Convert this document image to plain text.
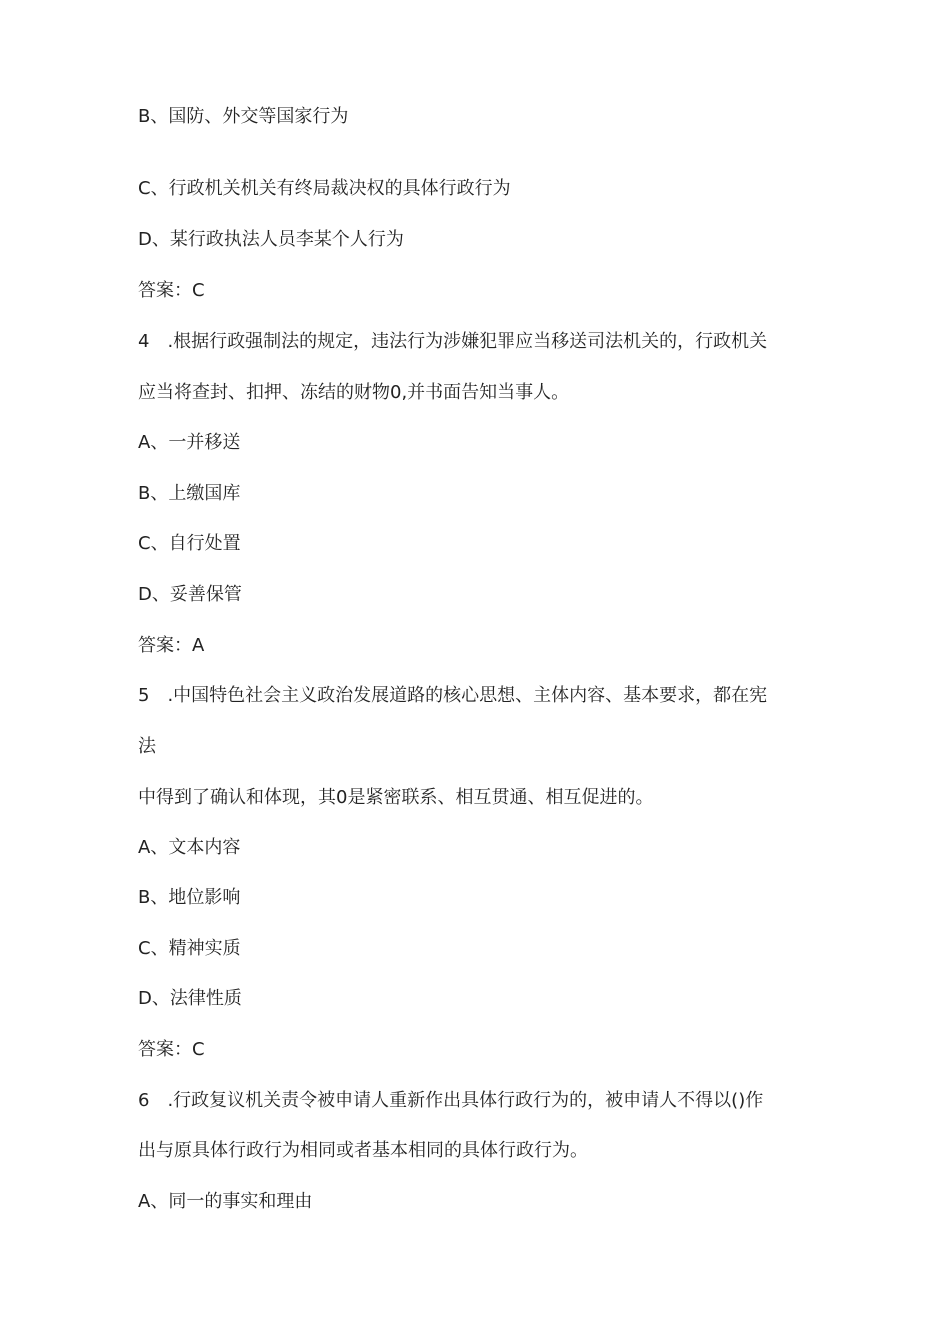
B、国防、外交等国家行为
C、行政机关机关有终局裁决权的具体行政行为
D、某行政执法人员李某个人行为
答案：C
4　.根据行政强制法的规定，违法行为涉嫌犯罪应当移送司法机关的，行政机关
应当将查封、扣押、冻结的财物0,并书面告知当事人。
A、一并移送
B、上缴国库
C、自行处置
D、妥善保管
答案：A
5　.中国特色社会主义政治发展道路的核心思想、主体内容、基本要求，都在宪
法
中得到了确认和体现，其0是紧密联系、相互贯通、相互促进的。
A、文本内容
B、地位影响
C、精神实质
D、法律性质
答案：C
6　.行政复议机关责令被申请人重新作出具体行政行为的，被申请人不得以()作
出与原具体行政行为相同或者基本相同的具体行政行为。
A、同一的事实和理由
